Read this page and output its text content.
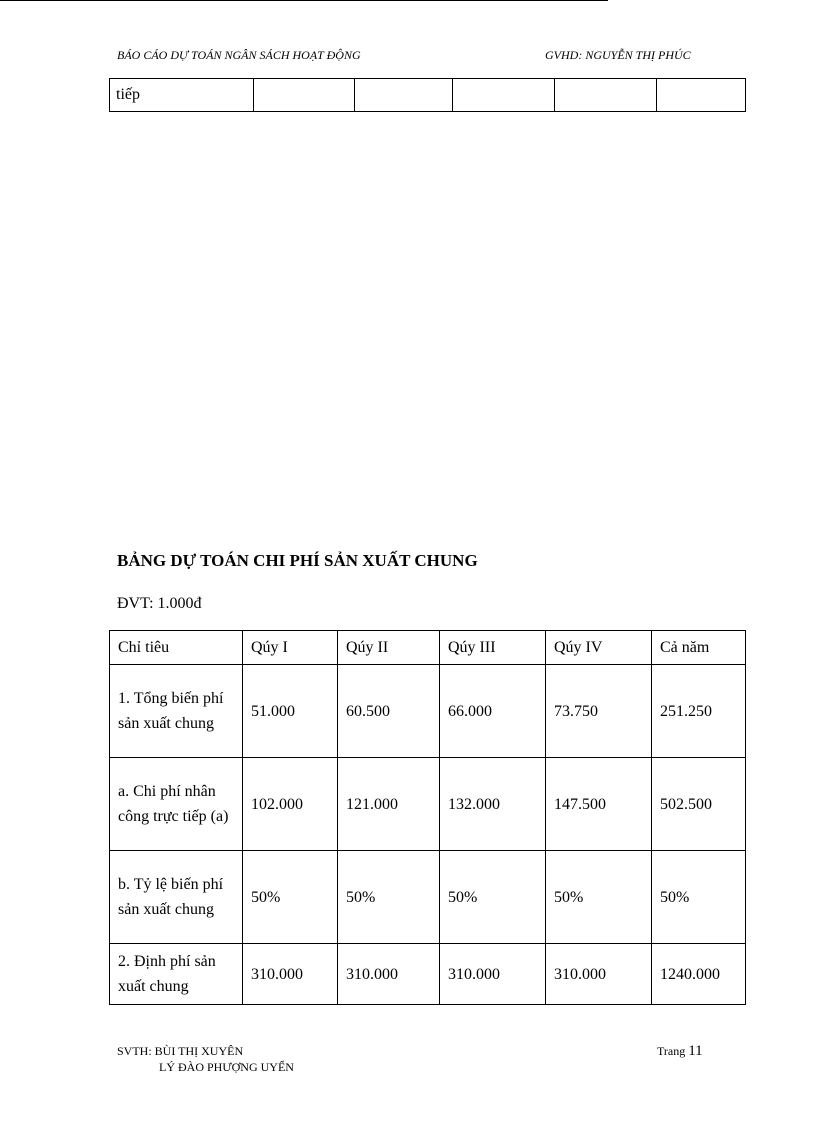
BÁO CÁO DỰ TOÁN NGÂN SÁCH HOẠT ĐỘNG	GVHD: NGUYỄN THỊ PHÚC
tiếp					
BẢNG DỰ TOÁN CHI PHÍ SẢN XUẤT CHUNG
ĐVT: 1.000đ
Chỉ tiêu	Qúy I	Qúy II	Qúy III	Qúy IV	Cả năm
1. Tổng biến phí sản xuất chung	51.000	60.500	66.000	73.750	251.250
a. Chi phí nhân công trực tiếp (a)	102.000	121.000	132.000	147.500	502.500
b. Tỷ lệ biến phí sản xuất chung	50%	50%	50%	50%	50%
2. Định phí sản xuất chung	310.000	310.000	310.000	310.000	1240.000
SVTH: BÙI THỊ XUYÊN
LÝ ĐÀO PHƯỢNG UYỂN
Trang 11
